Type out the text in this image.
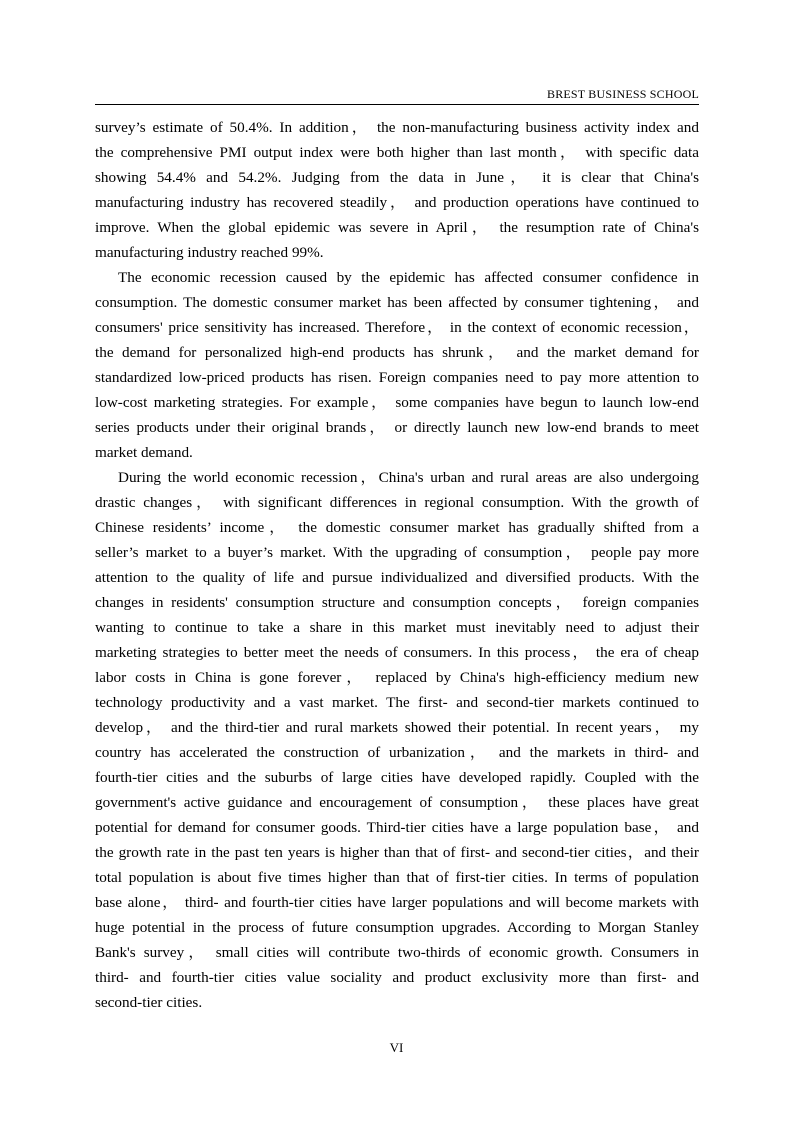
BREST BUSINESS SCHOOL
survey’s estimate of 50.4%. In addition， the non-manufacturing business activity index and
the comprehensive PMI output index were both higher than last month， with specific data
showing 54.4% and 54.2%. Judging from the data in June， it is clear that China's
manufacturing industry has recovered steadily， and production operations have continued to
improve. When the global epidemic was severe in April， the resumption rate of China's
manufacturing industry reached 99%.
The economic recession caused by the epidemic has affected consumer confidence in
consumption. The domestic consumer market has been affected by consumer tightening， and
consumers' price sensitivity has increased. Therefore， in the context of economic recession，
the demand for personalized high-end products has shrunk， and the market demand for
standardized low-priced products has risen. Foreign companies need to pay more attention to
low-cost marketing strategies. For example， some companies have begun to launch low-end
series products under their original brands， or directly launch new low-end brands to meet
market demand.
During the world economic recession，China's urban and rural areas are also undergoing
drastic changes， with significant differences in regional consumption. With the growth of
Chinese residents’ income， the domestic consumer market has gradually shifted from a
seller’s market to a buyer’s market. With the upgrading of consumption， people pay more
attention to the quality of life and pursue individualized and diversified products. With the
changes in residents' consumption structure and consumption concepts， foreign companies
wanting to continue to take a share in this market must inevitably need to adjust their
marketing strategies to better meet the needs of consumers. In this process， the era of cheap
labor costs in China is gone forever， replaced by China's high-efficiency medium new
technology productivity and a vast market. The first- and second-tier markets continued to
develop， and the third-tier and rural markets showed their potential. In recent years， my
country has accelerated the construction of urbanization， and the markets in third- and
fourth-tier cities and the suburbs of large cities have developed rapidly. Coupled with the
government's active guidance and encouragement of consumption， these places have great
potential for demand for consumer goods. Third-tier cities have a large population base， and
the growth rate in the past ten years is higher than that of first- and second-tier cities，and their
total population is about five times higher than that of first-tier cities. In terms of population
base alone， third- and fourth-tier cities have larger populations and will become markets with
huge potential in the process of future consumption upgrades. According to Morgan Stanley
Bank's survey， small cities will contribute two-thirds of economic growth. Consumers in
third- and fourth-tier cities value sociality and product exclusivity more than first- and
second-tier cities.
VI
